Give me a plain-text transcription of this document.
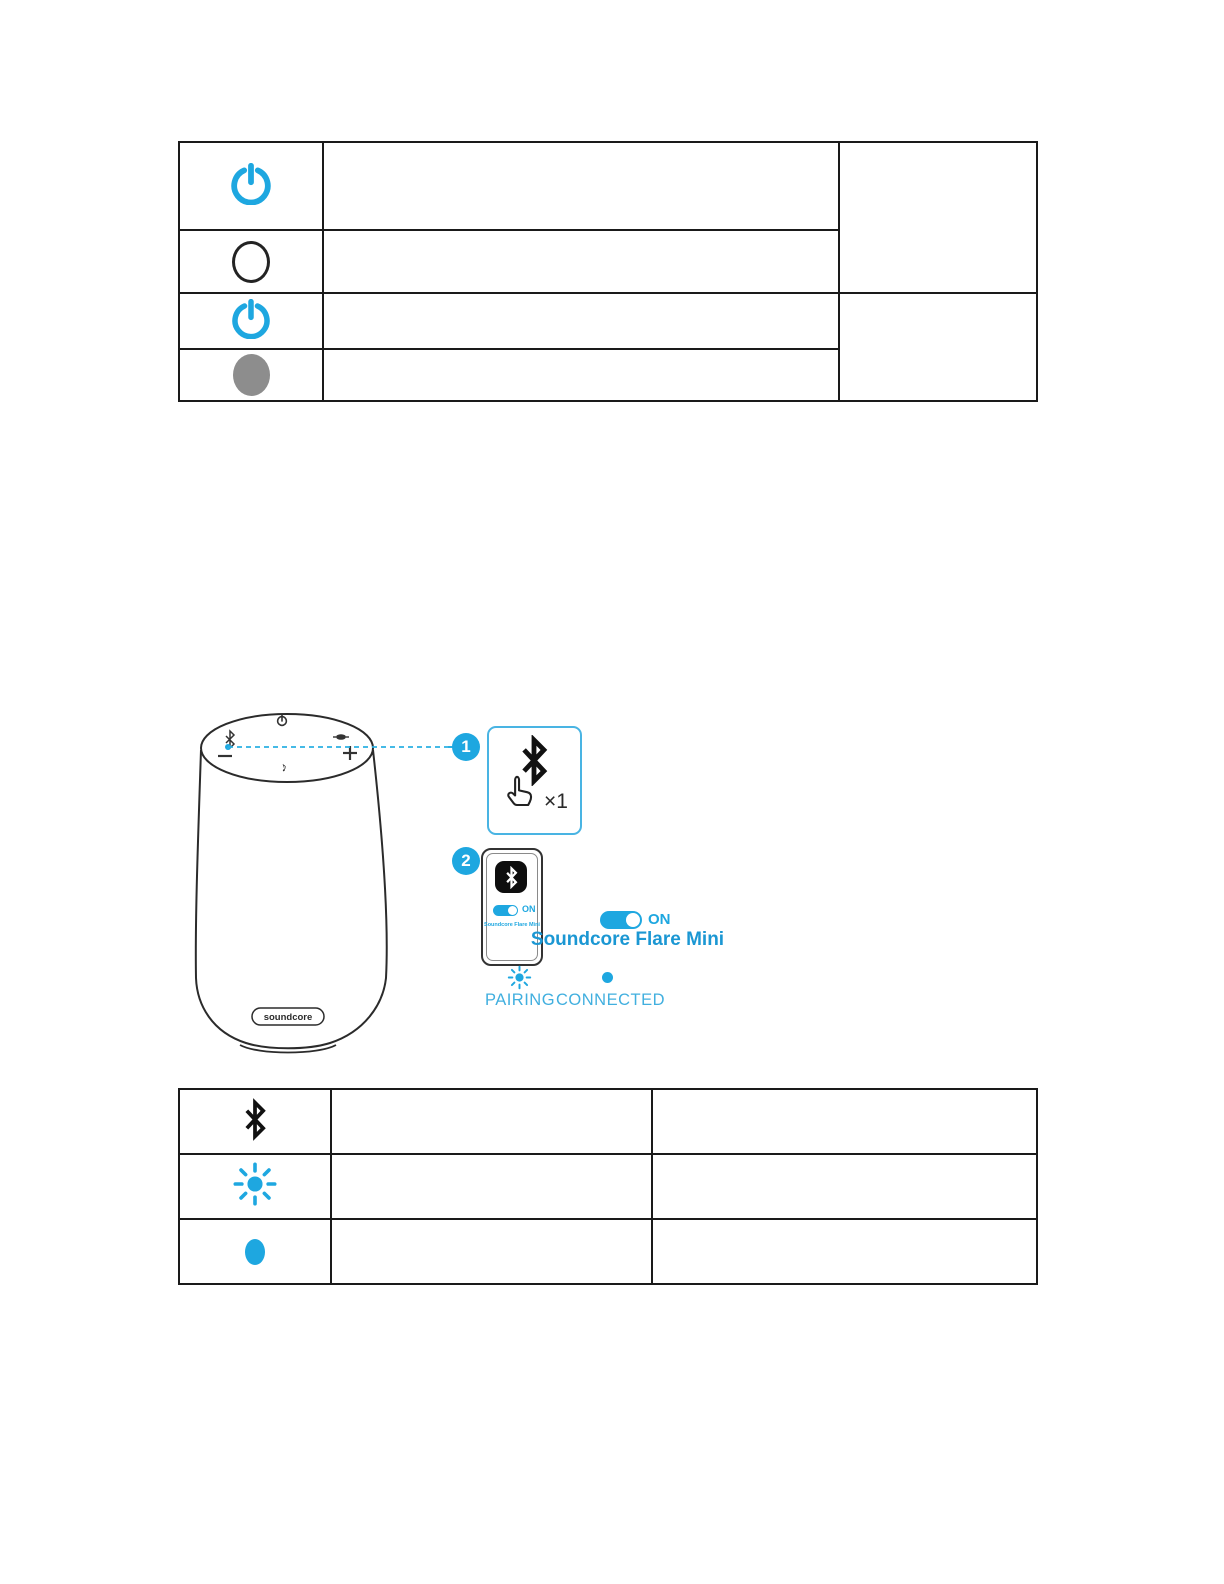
♪
soundcore
1
×1
2
ON
Soundcore Flare Mini	ON
Soundcore Flare Mini
PAIRING CONNECTED
